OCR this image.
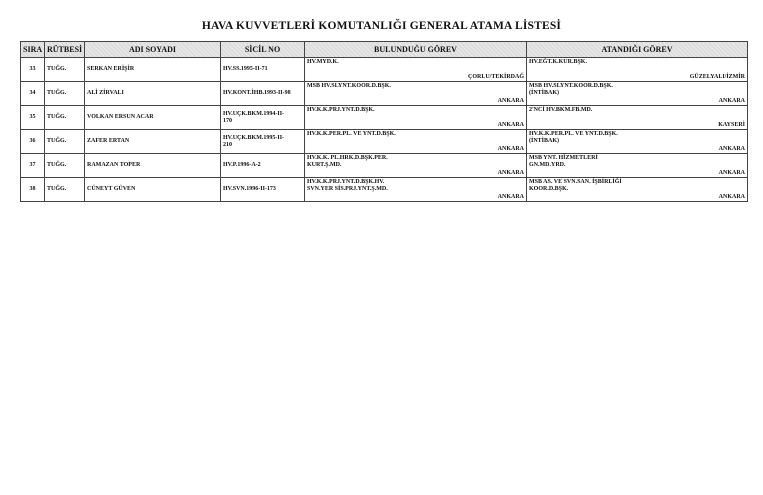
HAVA KUVVETLERİ KOMUTANLIĞI GENERAL ATAMA LİSTESİ
SIRA	RÜTBESİ	ADI SOYADI	SİCİL NO	BULUNDUĞU GÖREV	ATANDIĞI GÖREV
33	TUĞG.	SERKAN ERİŞİR	HV.SS.1995-II-71	HV.MYD.K.
ÇORLU/TEKİRDAĞ	HV.EĞT.K.KUR.BŞK.
GÜZELYALI/İZMİR

34	TUĞG.	ALİ ZİRVALI	HV.KONT.İHB.1993-II-98	MSB HV.SLYNT.KOOR.D.BŞK.
ANKARA	MSB HV.SLYNT.KOOR.D.BŞK.
(İNTİBAK)
ANKARA

35	TUĞG.	VOLKAN ERSUN ACAR	HV.UÇK.BKM.1994-II-
170	HV.K.K.PRJ.YNT.D.BŞK.
ANKARA	2'NCİ HV.BKM.FB.MD.
KAYSERİ

36	TUĞG.	ZAFER ERTAN	HV.UÇK.BKM.1995-II-
210	HV.K.K.PER.PL. VE YNT.D.BŞK.
ANKARA	HV.K.K.PER.PL. VE YNT.D.BŞK.
(İNTİBAK)
ANKARA

37	TUĞG.	RAMAZAN TOPER	HV.P.1996-A-2	HV.K.K. PL.HRK.D.BŞK.PER.
KURT.Ş.MD.
ANKARA	MSB YNT. HİZMETLERİ
GN.MD.YRD.
ANKARA

38	TUĞG.	CÜNEYT GÜVEN	HV.SVN.1996-II-173	HV.K.K.PRJ.YNT.D.BŞK.HV.
SVN.YER SİS.PRJ.YNT.Ş.MD.
ANKARA	MSB AS. VE SVN.SAN. İŞBİRLİĞİ
KOOR.D.BŞK.
ANKARA
